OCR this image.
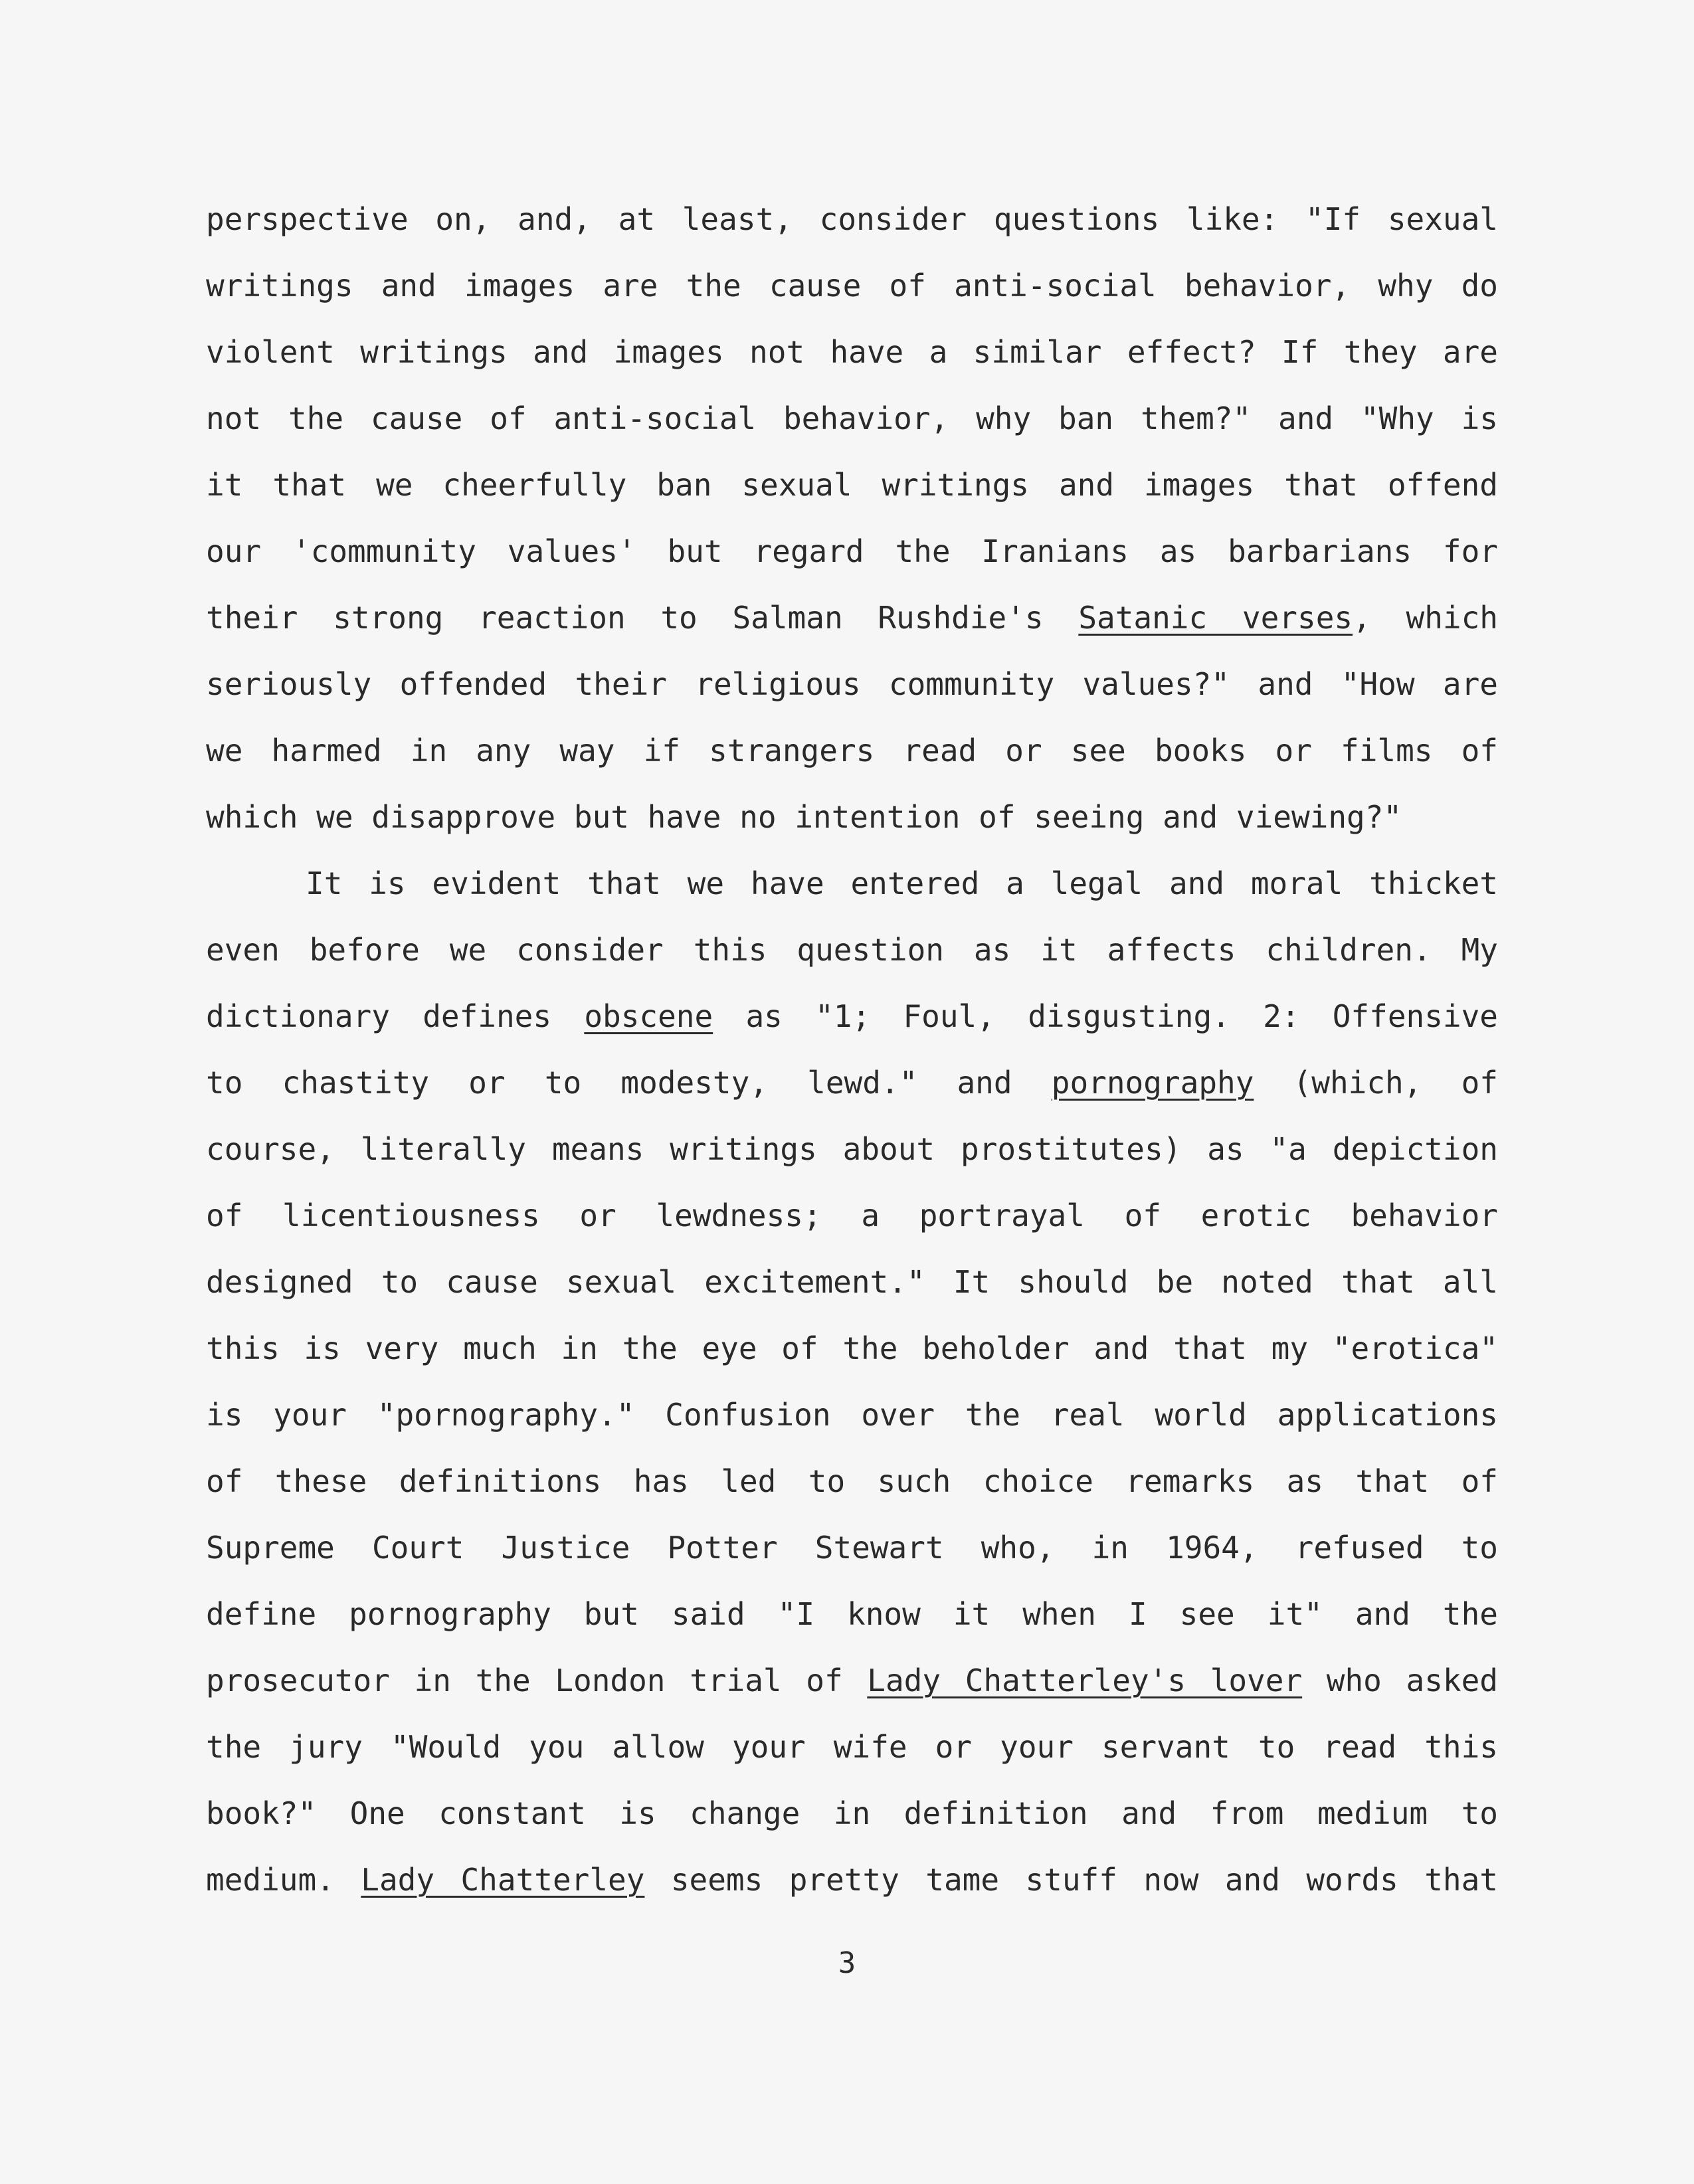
perspective on, and, at least, consider questions like: "If sexual
writings and images are the cause of anti-social behavior, why do
violent writings and images not have a similar effect? If they are
not the cause of anti-social behavior, why ban them?" and "Why is
it that we cheerfully ban sexual writings and images that offend
our 'community values' but regard the Iranians as barbarians for
their strong reaction to Salman Rushdie's Satanic verses, which
seriously offended their religious community values?" and "How are
we harmed in any way if strangers read or see books or films of
which we disapprove but have no intention of seeing and viewing?"
It is evident that we have entered a legal and moral thicket
even before we consider this question as it affects children. My
dictionary defines obscene as "1; Foul, disgusting. 2: Offensive
to chastity or to modesty, lewd." and pornography (which, of
course, literally means writings about prostitutes) as "a depiction
of licentiousness or lewdness; a portrayal of erotic behavior
designed to cause sexual excitement." It should be noted that all
this is very much in the eye of the beholder and that my "erotica"
is your "pornography." Confusion over the real world applications
of these definitions has led to such choice remarks as that of
Supreme Court Justice Potter Stewart who, in 1964, refused to
define pornography but said "I know it when I see it" and the
prosecutor in the London trial of Lady Chatterley's lover who asked
the jury "Would you allow your wife or your servant to read this
book?" One constant is change in definition and from medium to
medium. Lady Chatterley seems pretty tame stuff now and words that
3
